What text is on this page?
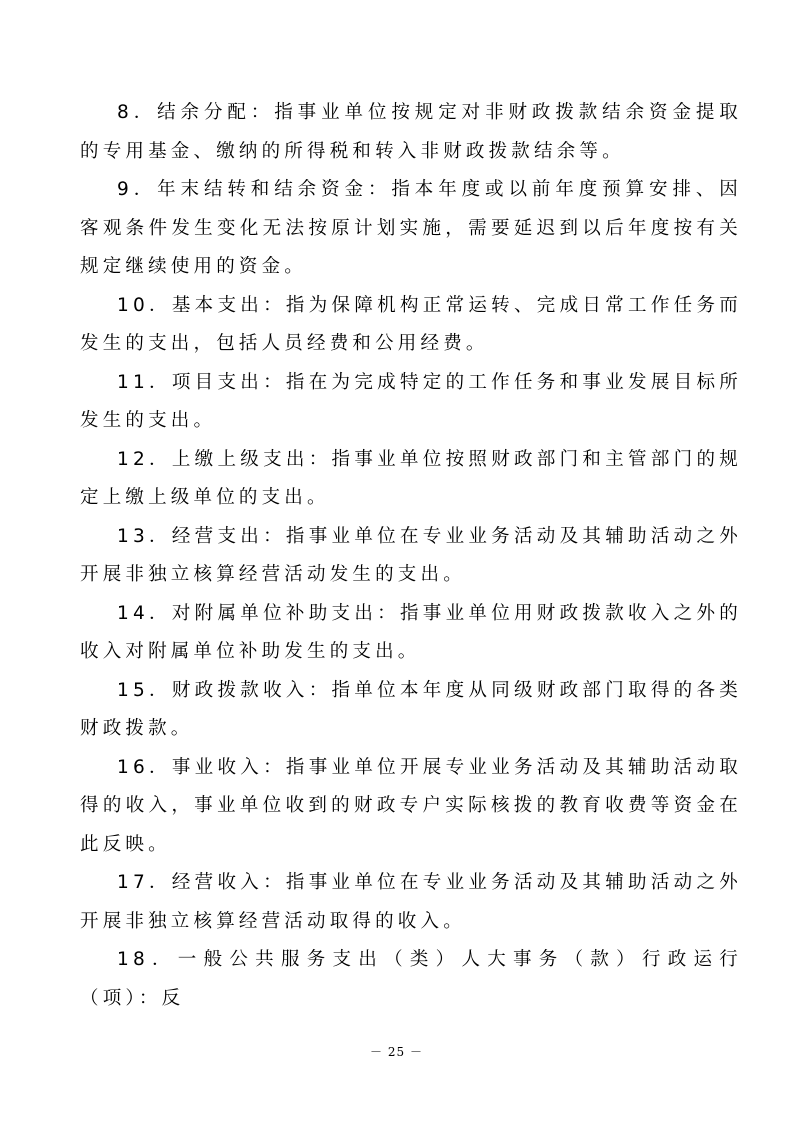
8．结余分配：指事业单位按规定对非财政拨款结余资金提取的专用基金、缴纳的所得税和转入非财政拨款结余等。

9．年末结转和结余资金：指本年度或以前年度预算安排、因客观条件发生变化无法按原计划实施，需要延迟到以后年度按有关规定继续使用的资金。

10．基本支出：指为保障机构正常运转、完成日常工作任务而发生的支出，包括人员经费和公用经费。

11．项目支出：指在为完成特定的工作任务和事业发展目标所发生的支出。

12．上缴上级支出：指事业单位按照财政部门和主管部门的规定上缴上级单位的支出。

13．经营支出：指事业单位在专业业务活动及其辅助活动之外开展非独立核算经营活动发生的支出。

14．对附属单位补助支出：指事业单位用财政拨款收入之外的收入对附属单位补助发生的支出。

15．财政拨款收入：指单位本年度从同级财政部门取得的各类财政拨款。

16．事业收入：指事业单位开展专业业务活动及其辅助活动取得的收入，事业单位收到的财政专户实际核拨的教育收费等资金在此反映。

17．经营收入：指事业单位在专业业务活动及其辅助活动之外开展非独立核算经营活动取得的收入。

18．一般公共服务支出（类）人大事务（款）行政运行（项）：反

－ 25 －
